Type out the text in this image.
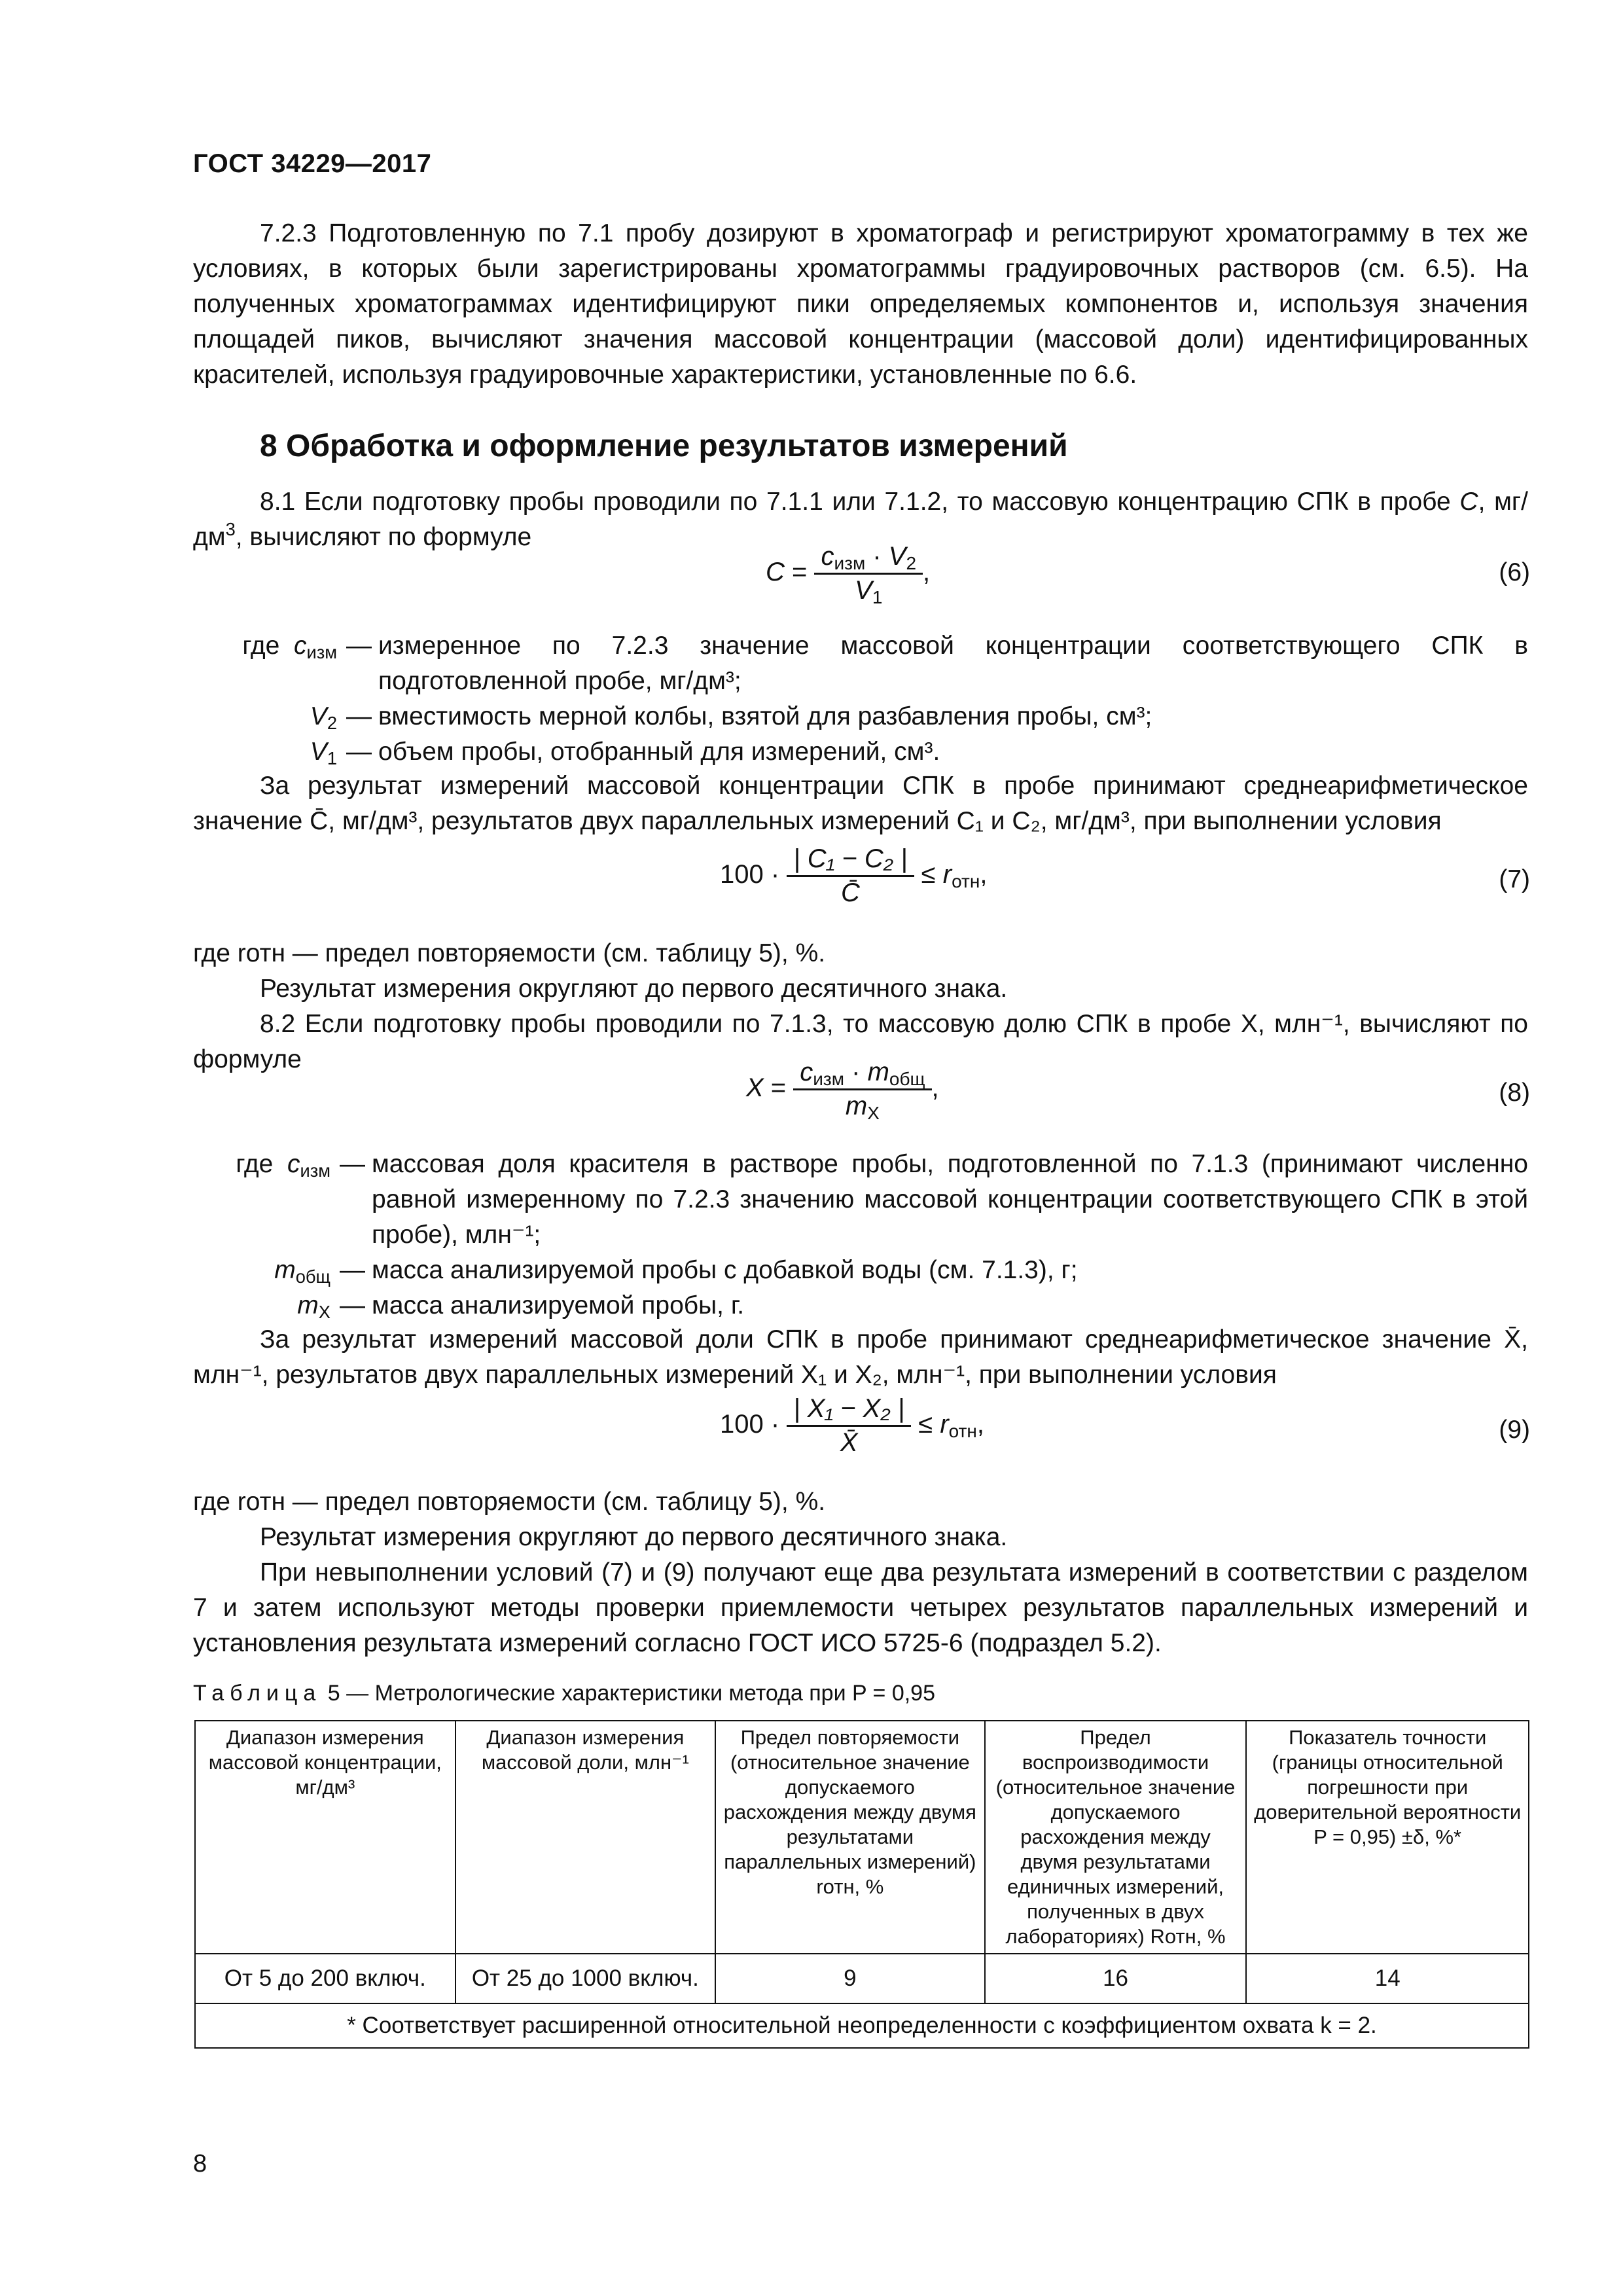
ГОСТ 34229—2017

7.2.3 Подготовленную по 7.1 пробу дозируют в хроматограф и регистрируют хроматограмму в тех же условиях, в которых были зарегистрированы хроматограммы градуировочных растворов (см. 6.5). На полученных хроматограммах идентифицируют пики определяемых компонентов и, используя значения площадей пиков, вычисляют значения массовой концентрации (массовой доли) идентифицированных красителей, используя градуировочные характеристики, установленные по 6.6.

8 Обработка и оформление результатов измерений

8.1 Если подготовку пробы проводили по 7.1.1 или 7.1.2, то массовую концентрацию СПК в пробе C, $мг/дм^3$, вычисляют по формуле

$C = \frac{c_{изм} \cdot V_2}{V_1}$ ,	(6)
где $c_{изм}$ — измеренное по 7.2.3 значение массовой концентрации соответствующего СПК в подготовленной пробе, мг/дм³;
$V_2$ — вместимость мерной колбы, взятой для разбавления пробы, см³;
$V_1$ — объем пробы, отобранный для измерений, см³.

За результат измерений массовой концентрации СПК в пробе принимают среднеарифметическое значение C̄, мг/дм³, результатов двух параллельных измерений C₁ и C₂, мг/дм³, при выполнении условия

$100 \cdot \frac{\text{| C₁ − C₂ |}}{C̄} \le r_{отн}$,	(7)

где rотн — предел повторяемости (см. таблицу 5), %.

Результат измерения округляют до первого десятичного знака.

8.2 Если подготовку пробы проводили по 7.1.3, то массовую долю СПК в пробе X, млн⁻¹, вычисляют по формуле

$X = \frac{c_{изм} \cdot m_{общ}}{m_X}$ ,	(8)
где $c_{изм}$ — массовая доля красителя в растворе пробы, подготовленной по 7.1.3 (принимают численно равной измеренному по 7.2.3 значению массовой концентрации соответствующего СПК в этой пробе), млн⁻¹;
$m_{общ}$ — масса анализируемой пробы с добавкой воды (см. 7.1.3), г;
$m_X$ — масса анализируемой пробы, г.

За результат измерений массовой доли СПК в пробе принимают среднеарифметическое значение X̄, млн⁻¹, результатов двух параллельных измерений X₁ и X₂, млн⁻¹, при выполнении условия

$100 \cdot \frac{\text{| X₁ − X₂ |}}{X̄} \le r_{отн}$,	(9)

где rотн — предел повторяемости (см. таблицу 5), %.

Результат измерения округляют до первого десятичного знака.

При невыполнении условий (7) и (9) получают еще два результата измерений в соответствии с разделом 7 и затем используют методы проверки приемлемости четырех результатов параллельных измерений и установления результата измерений согласно ГОСТ ИСО 5725-6 (подраздел 5.2).

Таблица 5 — Метрологические характеристики метода при P = 0,95
Диапазон измерения массовой концентрации, мг/дм³	Диапазон измерения массовой доли, млн⁻¹	Предел повторяемости (относительное значение допускаемого расхождения между двумя результатами параллельных измерений) rотн, %	Предел воспроизводимости (относительное значение допускаемого расхождения между двумя результатами единичных измерений, полученных в двух лабораториях) Rотн, %	Показатель точности (границы относительной погрешности при доверительной вероятности P = 0,95) ±δ, %*
От 5 до 200 включ.	От 25 до 1000 включ.	9	16	14
* Соответствует расширенной относительной неопределенности с коэффициентом охвата k = 2.				
8
